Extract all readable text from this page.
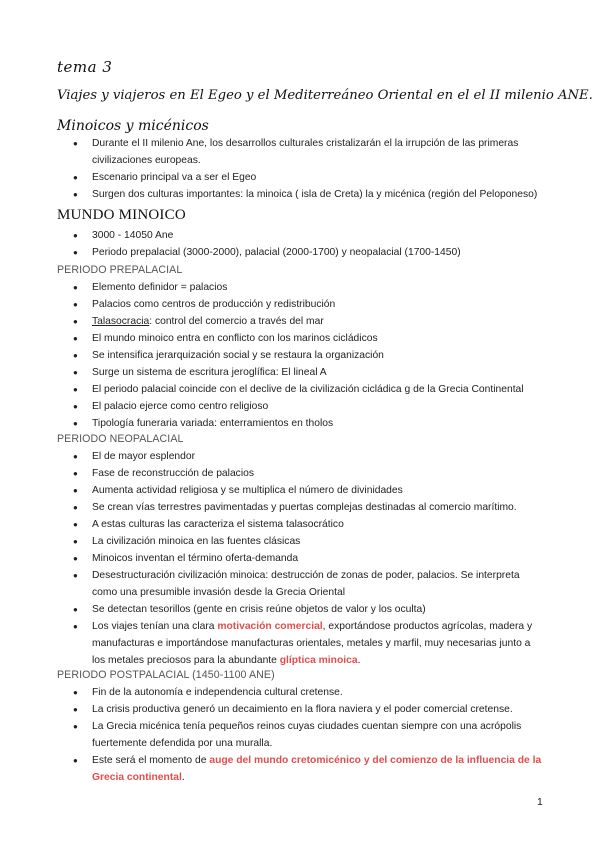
tema 3
Viajes y viajeros en El Egeo y el Mediterreáneo Oriental en el el II milenio ANE.
Minoicos y micénicos
● Durante el II milenio Ane, los desarrollos culturales cristalizarán el la irrupción de las primeras
civilizaciones europeas.
● Escenario principal va a ser el Egeo
● Surgen dos culturas importantes: la minoica ( isla de Creta) la y micénica (región del Peloponeso)
MUNDO MINOICO
● 3000 - 14050 Ane
● Periodo prepalacial (3000-2000), palacial (2000-1700) y neopalacial (1700-1450)
PERIODO PREPALACIAL
● Elemento definidor = palacios
● Palacios como centros de producción y redistribución
● Talasocracia: control del comercio a través del mar
● El mundo minoico entra en conflicto con los marinos cicládicos
● Se intensifica jerarquización social y se restaura la organización
● Surge un sistema de escritura jeroglífica: El lineal A
● El periodo palacial coincide con el declive de la civilización cicládica g de la Grecia Continental
● El palacio ejerce como centro religioso
● Tipología funeraria variada: enterramientos en tholos
PERIODO NEOPALACIAL
● El de mayor esplendor
● Fase de reconstrucción de palacios
● Aumenta actividad religiosa y se multiplica el número de divinidades
● Se crean vías terrestres pavimentadas y puertas complejas destinadas al comercio marítimo.
● A estas culturas las caracteriza el sistema talasocrático
● La civilización minoica en las fuentes clásicas
● Minoicos inventan el término oferta-demanda
● Desestructuración civilización minoica: destrucción de zonas de poder, palacios. Se interpreta
como una presumible invasión desde la Grecia Oriental
● Se detectan tesorillos (gente en crisis reúne objetos de valor y los oculta)
● Los viajes tenían una clara motivación comercial, exportándose productos agrícolas, madera y
manufacturas e importándose manufacturas orientales, metales y marfil, muy necesarias junto a
los metales preciosos para la abundante glíptica minoica.
PERIODO POSTPALACIAL (1450-1100 ANE)
● Fin de la autonomía e independencia cultural cretense.
● La crisis productiva generó un decaimiento en la flora naviera y el poder comercial cretense.
● La Grecia micénica tenía pequeños reinos cuyas ciudades cuentan siempre con una acrópolis
fuertemente defendida por una muralla.
● Este será el momento de auge del mundo cretomicénico y del comienzo de la influencia de la
Grecia continental.
1
